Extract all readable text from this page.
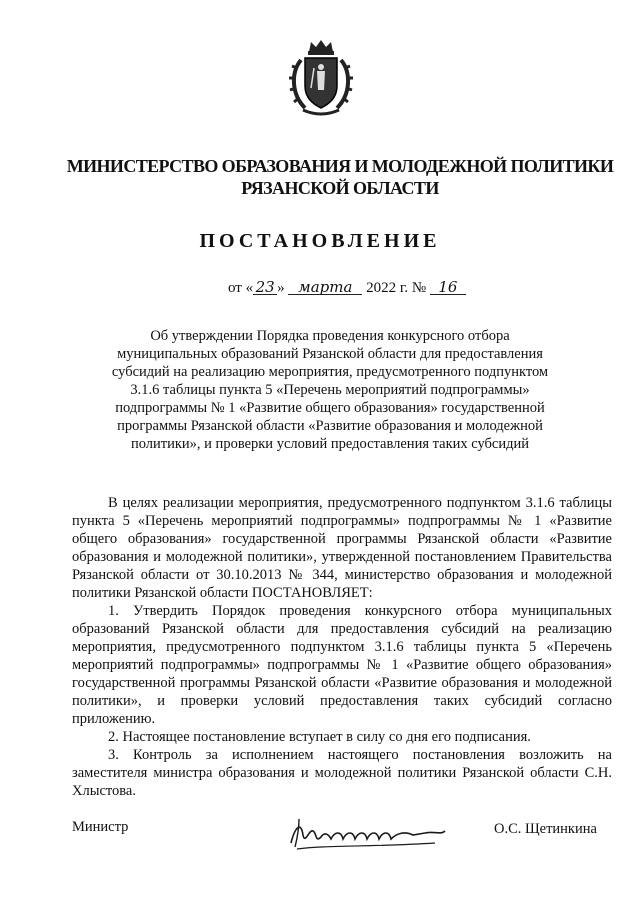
МИНИСТЕРСТВО ОБРАЗОВАНИЯ И МОЛОДЕЖНОЙ ПОЛИТИКИ
РЯЗАНСКОЙ ОБЛАСТИ
ПОСТАНОВЛЕНИЕ
от « 23 » марта 2022 г. № 16
Об утверждении Порядка проведения конкурсного отбора
муниципальных образований Рязанской области для предоставления
субсидий на реализацию мероприятия, предусмотренного подпунктом
3.1.6 таблицы пункта 5 «Перечень мероприятий подпрограммы»
подпрограммы № 1 «Развитие общего образования» государственной
программы Рязанской области «Развитие образования и молодежной
политики», и проверки условий предоставления таких субсидий

В целях реализации мероприятия, предусмотренного подпунктом 3.1.6 таблицы пункта 5 «Перечень мероприятий подпрограммы» подпрограммы № 1 «Развитие общего образования» государственной программы Рязанской области «Развитие образования и молодежной политики», утвержденной постановлением Правительства Рязанской области от 30.10.2013 № 344, министерство образования и молодежной политики Рязанской области ПОСТАНОВЛЯЕТ:

1. Утвердить Порядок проведения конкурсного отбора муниципальных образований Рязанской области для предоставления субсидий на реализацию мероприятия, предусмотренного подпунктом 3.1.6 таблицы пункта 5 «Перечень мероприятий подпрограммы» подпрограммы № 1 «Развитие общего образования» государственной программы Рязанской области «Развитие образования и молодежной политики», и проверки условий предоставления таких субсидий согласно приложению.

2. Настоящее постановление вступает в силу со дня его подписания.

3. Контроль за исполнением настоящего постановления возложить на заместителя министра образования и молодежной политики Рязанской области С.Н. Хлыстова.

Министр	О.С. Щетинкина
